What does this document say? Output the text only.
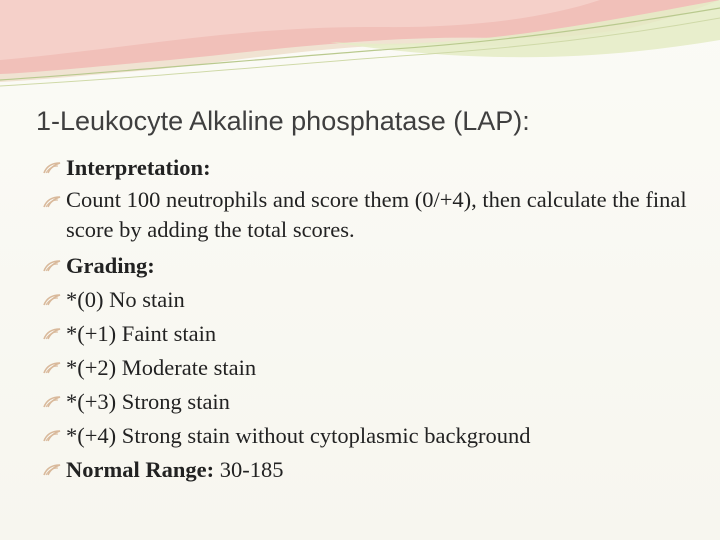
1-Leukocyte Alkaline phosphatase (LAP):
Interpretation:
Count 100 neutrophils and score them (0/+4), then calculate the final score by adding the total scores.
Grading:
*(0) No stain
*(+1) Faint stain
*(+2) Moderate stain
*(+3) Strong stain
*(+4) Strong stain without cytoplasmic background
Normal Range: 30-185
